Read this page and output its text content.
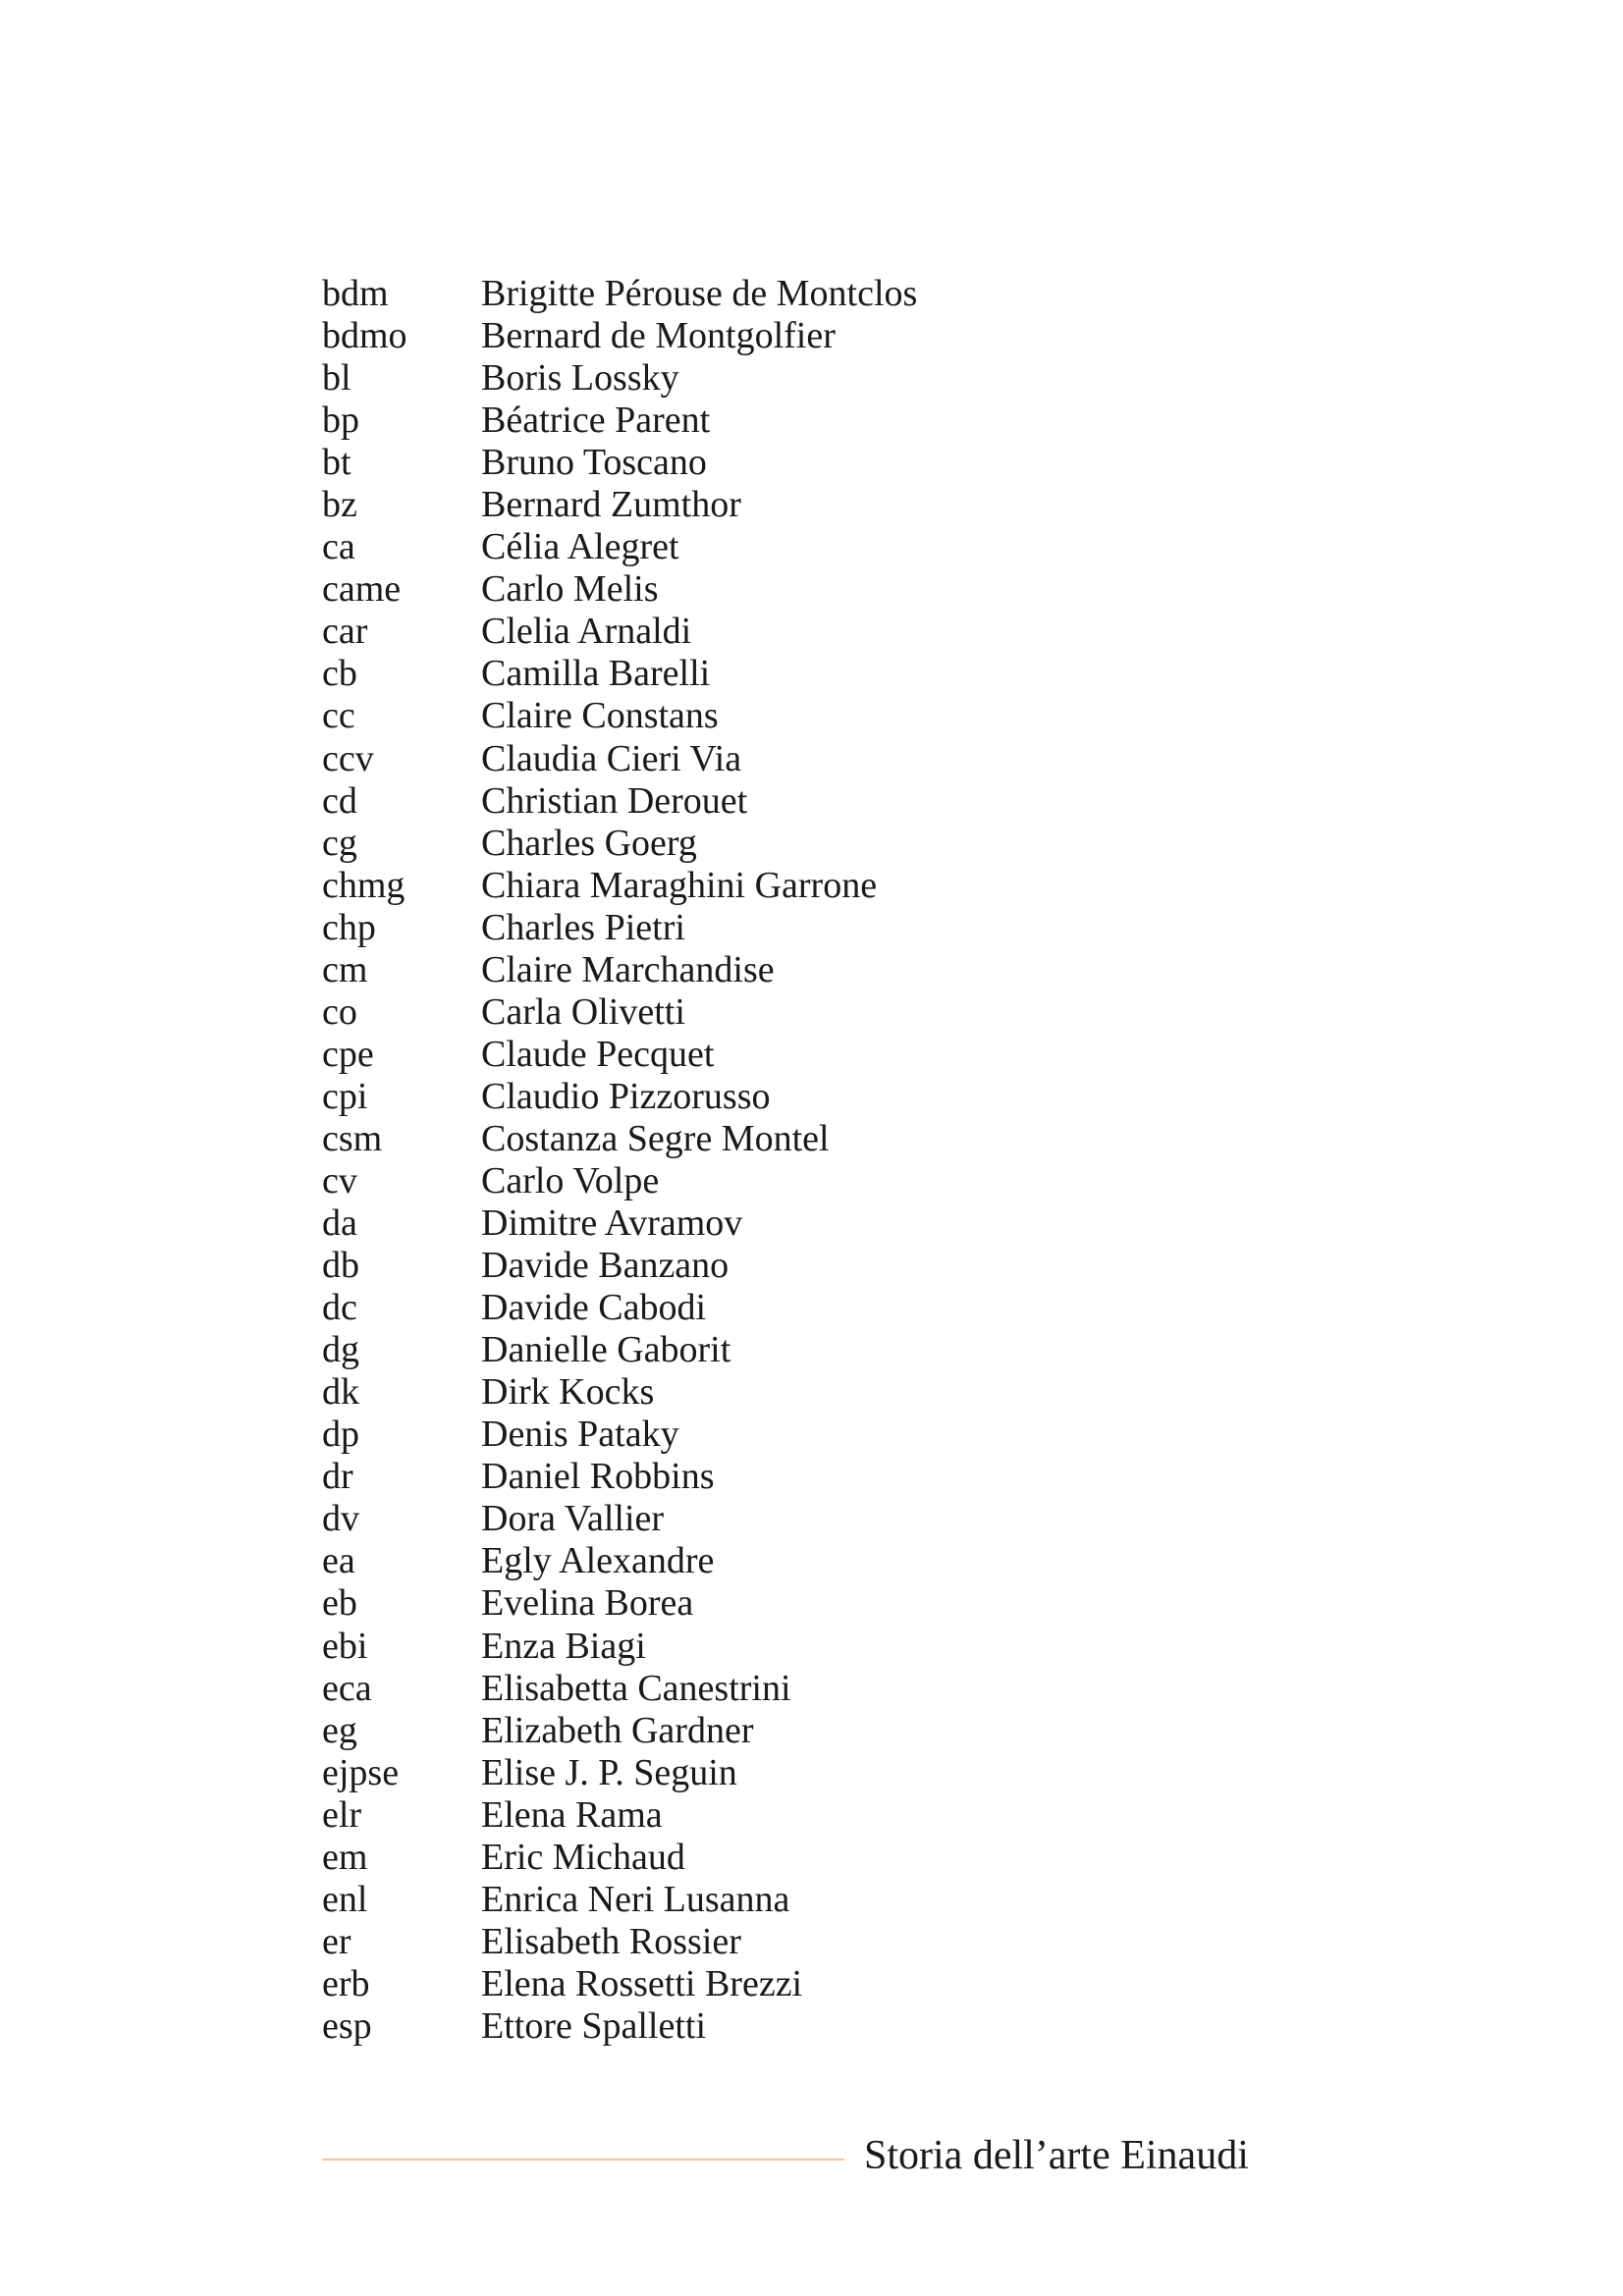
bdm	Brigitte Pérouse de Montclos
bdmo	Bernard de Montgolfier
bl	Boris Lossky
bp	Béatrice Parent
bt	Bruno Toscano
bz	Bernard Zumthor
ca	Célia Alegret
came	Carlo Melis
car	Clelia Arnaldi
cb	Camilla Barelli
cc	Claire Constans
ccv	Claudia Cieri Via
cd	Christian Derouet
cg	Charles Goerg
chmg	Chiara Maraghini Garrone
chp	Charles Pietri
cm	Claire Marchandise
co	Carla Olivetti
cpe	Claude Pecquet
cpi	Claudio Pizzorusso
csm	Costanza Segre Montel
cv	Carlo Volpe
da	Dimitre Avramov
db	Davide Banzano
dc	Davide Cabodi
dg	Danielle Gaborit
dk	Dirk Kocks
dp	Denis Pataky
dr	Daniel Robbins
dv	Dora Vallier
ea	Egly Alexandre
eb	Evelina Borea
ebi	Enza Biagi
eca	Elisabetta Canestrini
eg	Elizabeth Gardner
ejpse	Elise J. P. Seguin
elr	Elena Rama
em	Eric Michaud
enl	Enrica Neri Lusanna
er	Elisabeth Rossier
erb	Elena Rossetti Brezzi
esp	Ettore Spalletti
Storia dell’arte Einaudi
